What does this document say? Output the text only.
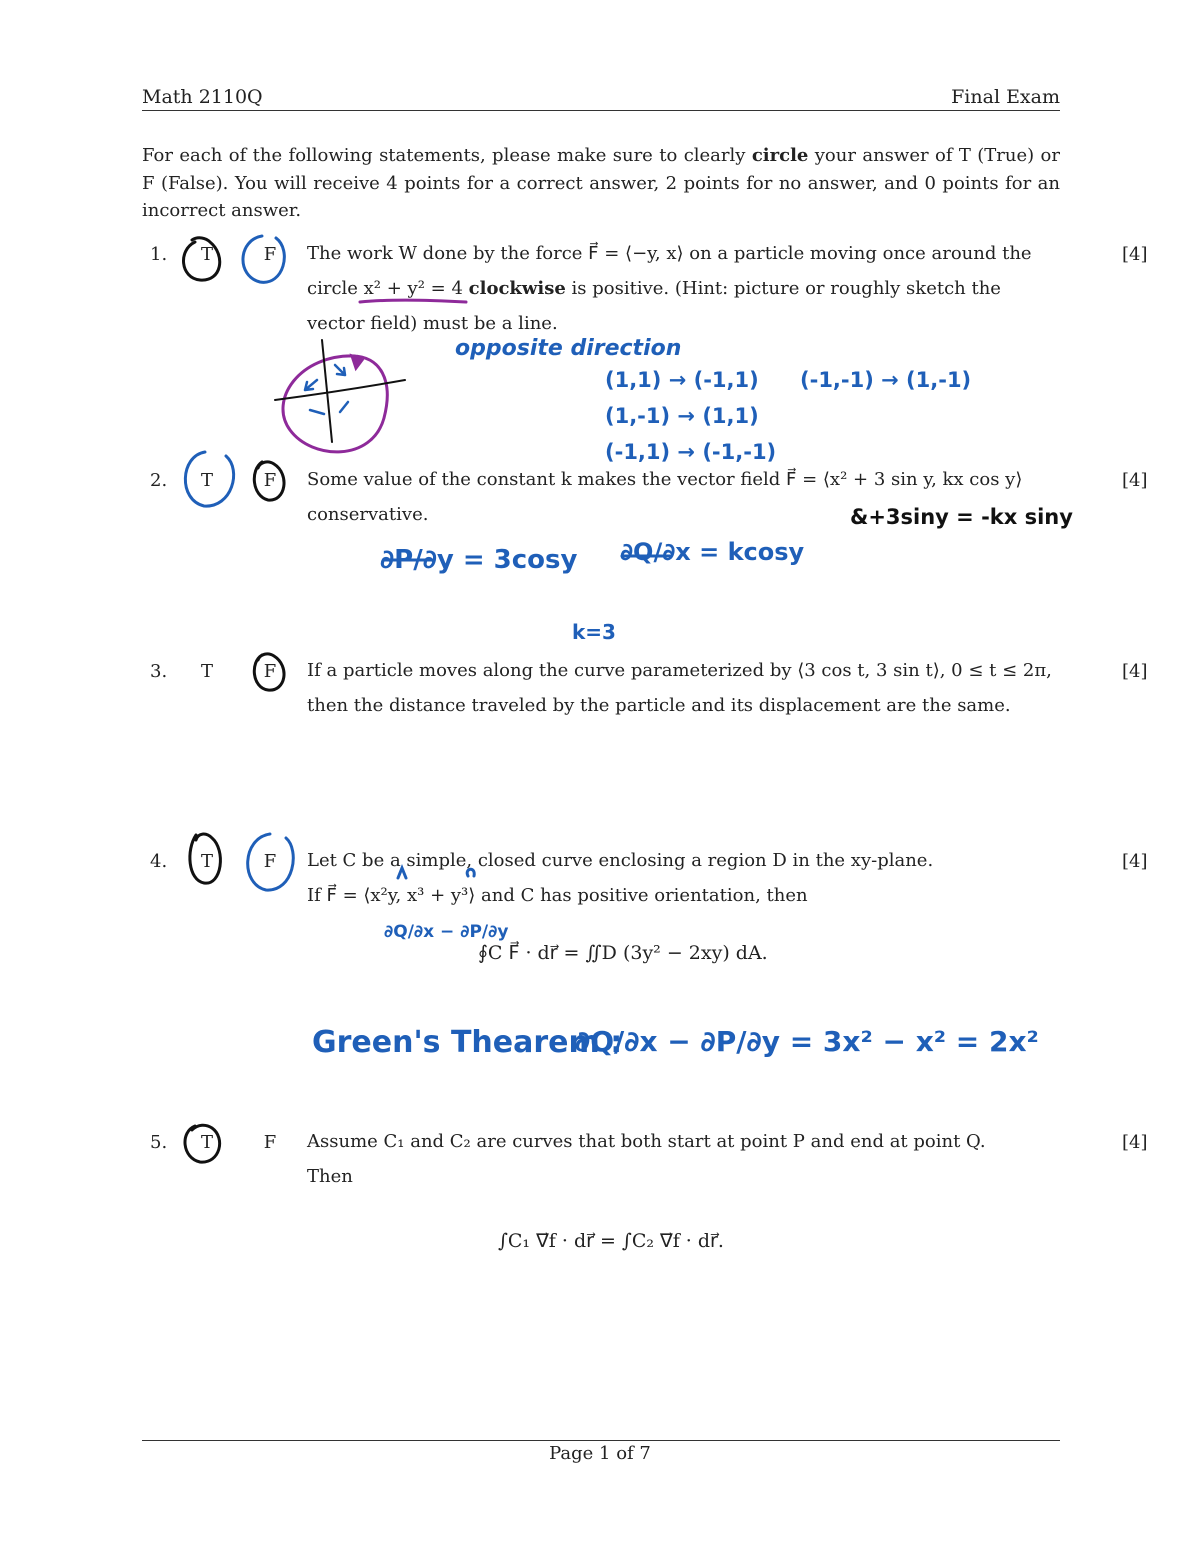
Math 2110Q	Final Exam
For each of the following statements, please make sure to clearly circle your answer of T (True) or F (False). You will receive 4 points for a correct answer, 2 points for no answer, and 0 points for an incorrect answer.
1. T	F The work W done by the force F⃗ = ⟨−y, x⟩ on a particle moving once around the
circle x² + y² = 4 clockwise is positive. (Hint: picture or roughly sketch the
vector field) must be a line.
[4]
opposite direction
(1,1) → (-1,1) (-1,-1) → (1,-1)
(1,-1) → (1,1)
(-1,1) → (-1,-1)
2. T	F Some value of the constant k makes the vector field F⃗ = ⟨x² + 3 sin y, kx cos y⟩
conservative.
[4]
∂P/∂y = 3cosy ∂Q/∂x = kcosy
&+3siny = -kx siny
k=3
3. T	F If a particle moves along the curve parameterized by ⟨3 cos t, 3 sin t⟩, 0 ≤ t ≤ 2π,
then the distance traveled by the particle and its displacement are the same.
[4]
4. T	F Let C be a simple, closed curve enclosing a region D in the xy-plane.
If F⃗ = ⟨x²y, x³ + y³⟩ and C has positive orientation, then
[4]
∮C F⃗ · dr⃗ = ∬D (3y² − 2xy) dA.
∂Q/∂x − ∂P/∂y
Green's Thearem :
∂Q/∂x − ∂P/∂y = 3x² − x² = 2x²
5. T	F Assume C₁ and C₂ are curves that both start at point P and end at point Q.
Then
[4]
∫C₁ ∇⃗f · dr⃗ = ∫C₂ ∇⃗f · dr⃗.
Page 1 of 7
